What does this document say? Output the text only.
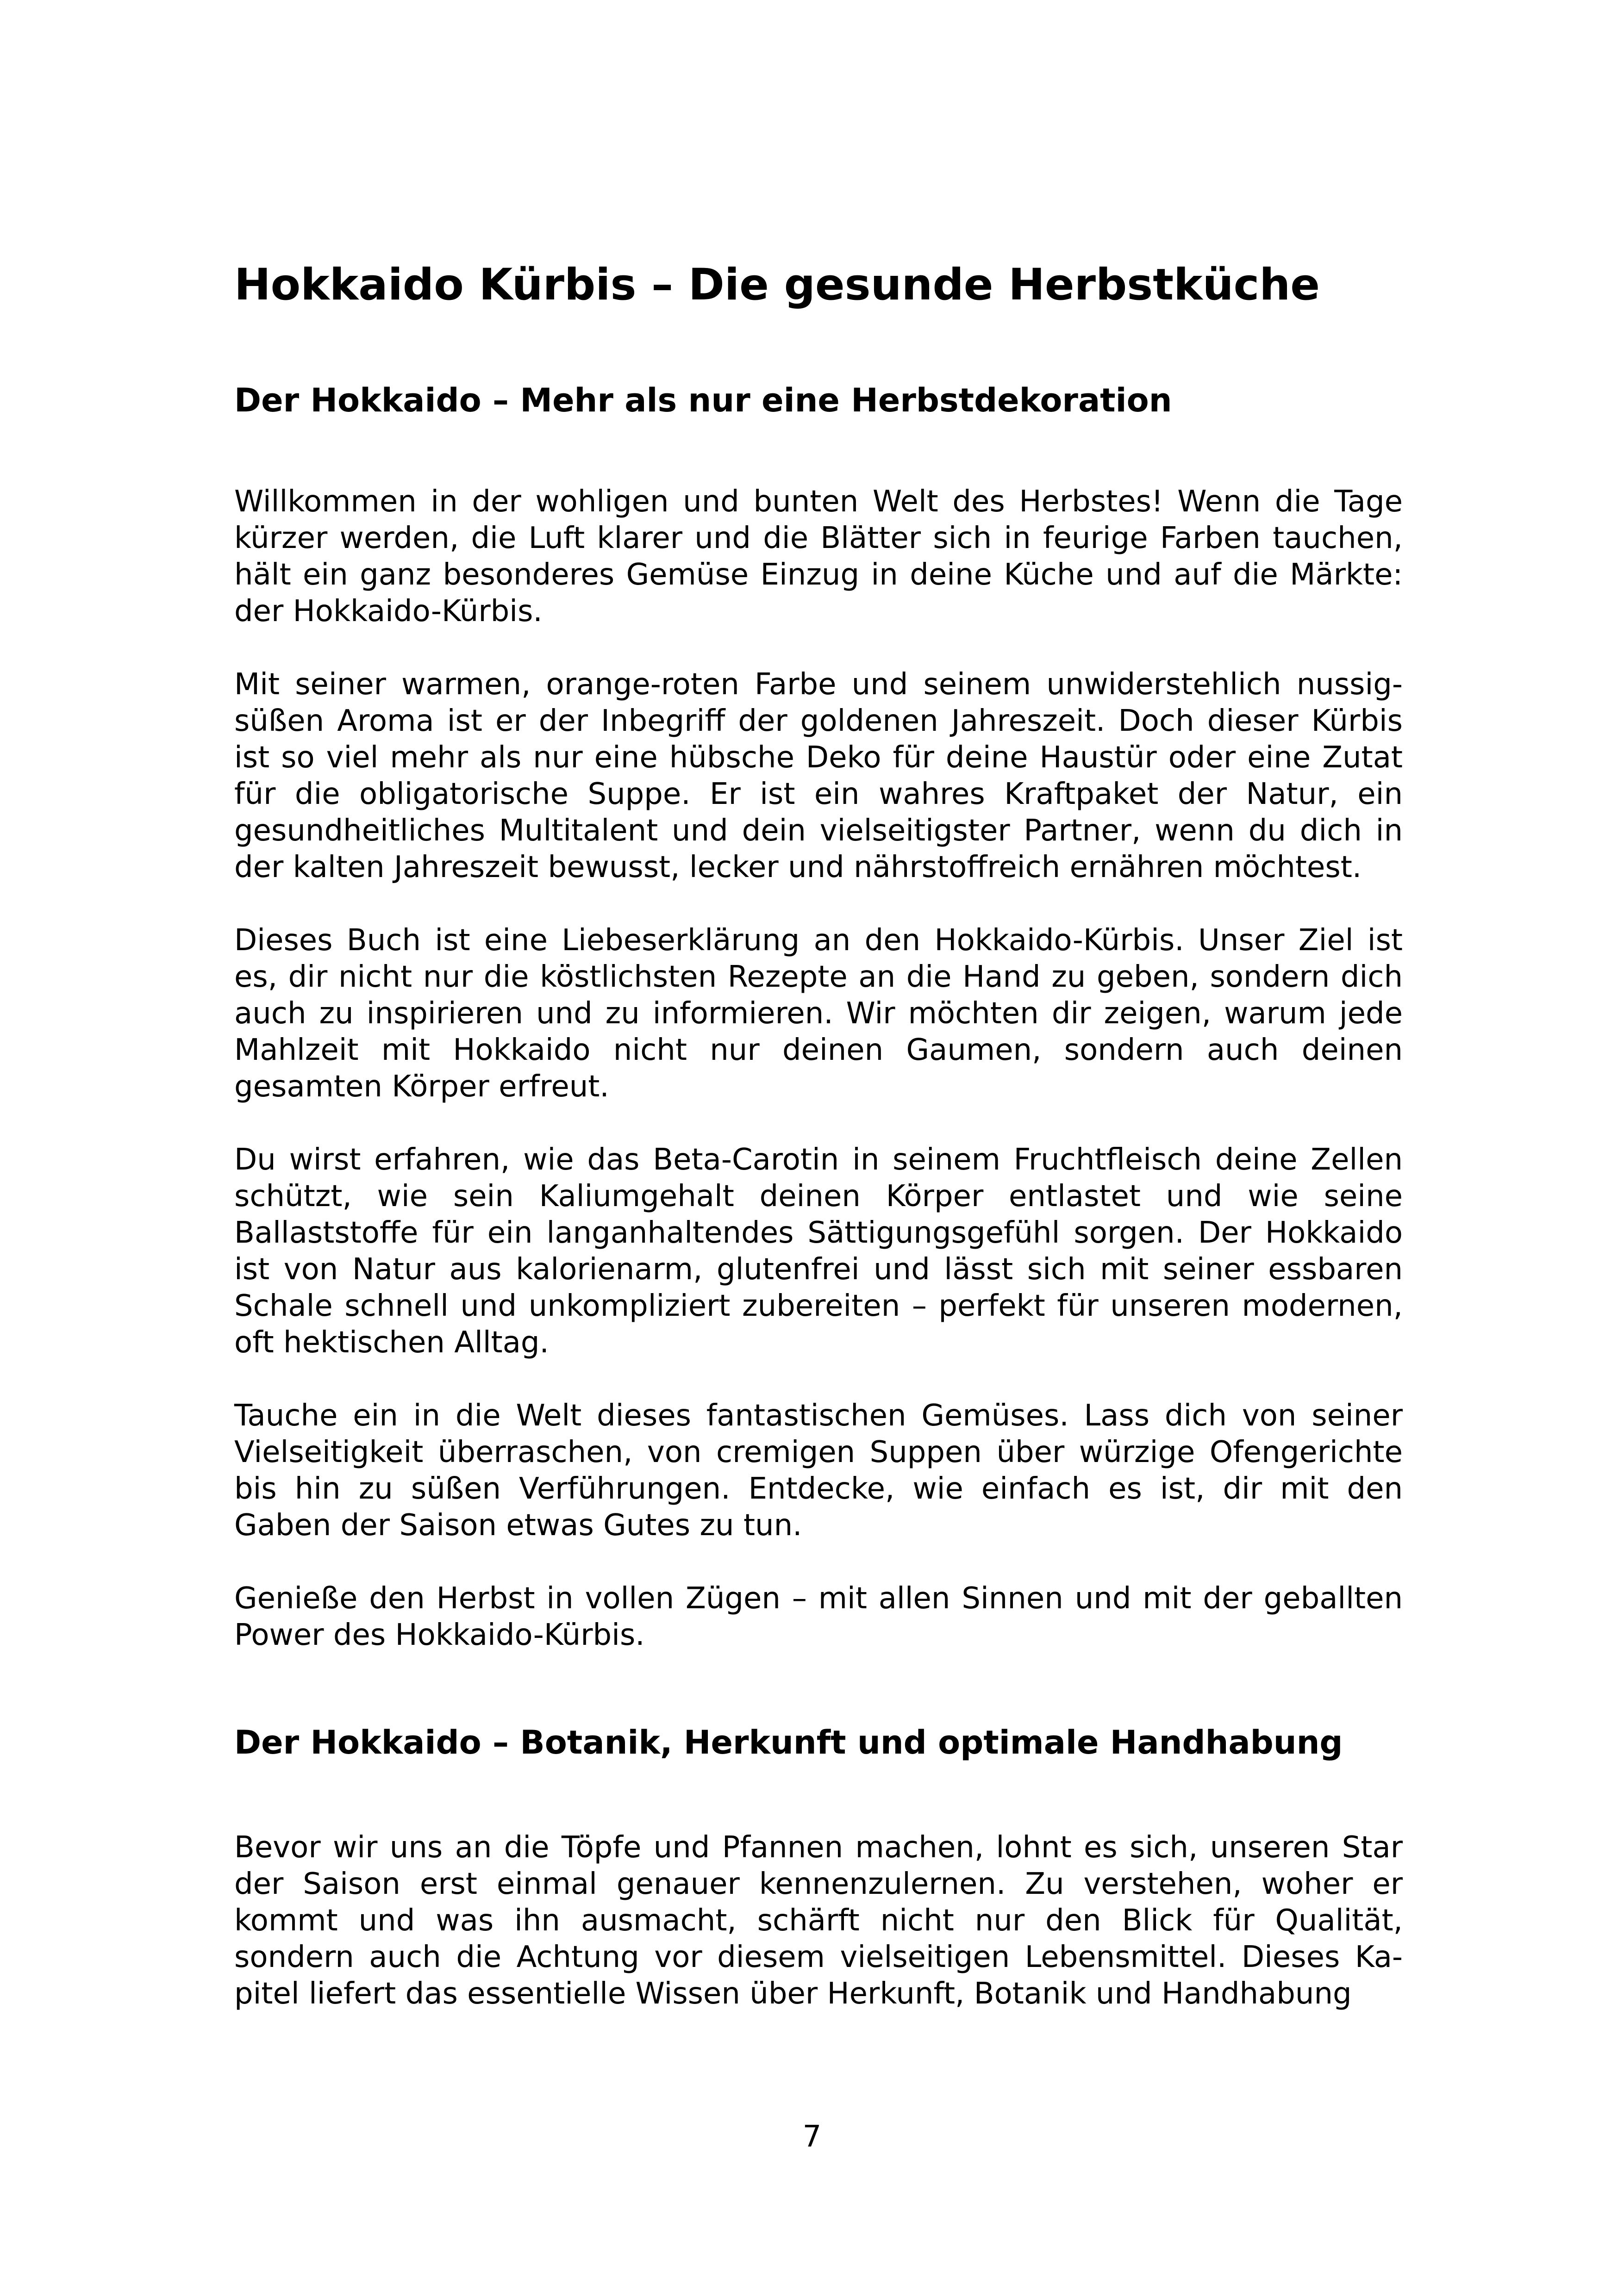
Hokkaido Kürbis – Die gesunde Herbstküche
Der Hokkaido – Mehr als nur eine Herbstdekoration

Willkommen in der wohligen und bunten Welt des Herbstes! Wenn die Tage kürzer werden, die Luft klarer und die Blätter sich in feurige Farben tauchen, hält ein ganz besonderes Gemüse Einzug in deine Küche und auf die Märkte: der Hokkaido-Kürbis.

Mit seiner warmen, orange-roten Farbe und seinem unwiderstehlich nussig-süßen Aroma ist er der Inbegriff der goldenen Jahreszeit. Doch dieser Kürbis ist so viel mehr als nur eine hübsche Deko für deine Haustür oder eine Zutat für die obligatorische Suppe. Er ist ein wahres Kraftpaket der Natur, ein gesundheitliches Multitalent und dein vielseitigster Partner, wenn du dich in der kalten Jahreszeit bewusst, lecker und nährstoffreich ernähren möchtest.

Dieses Buch ist eine Liebeserklärung an den Hokkaido-Kürbis. Unser Ziel ist es, dir nicht nur die köstlichsten Rezepte an die Hand zu geben, sondern dich auch zu inspirieren und zu informieren. Wir möchten dir zeigen, warum jede Mahlzeit mit Hokkaido nicht nur deinen Gaumen, sondern auch deinen gesamten Körper erfreut.

Du wirst erfahren, wie das Beta-Carotin in seinem Fruchtfleisch deine Zellen schützt, wie sein Kaliumgehalt deinen Körper entlastet und wie seine Ballaststoffe für ein langanhaltendes Sättigungsgefühl sorgen. Der Hokkaido ist von Natur aus kalorienarm, glutenfrei und lässt sich mit seiner essbaren Schale schnell und unkompliziert zubereiten – perfekt für unseren modernen, oft hektischen Alltag.

Tauche ein in die Welt dieses fantastischen Gemüses. Lass dich von seiner Vielseitigkeit überraschen, von cremigen Suppen über würzige Ofengerichte bis hin zu süßen Verführungen. Entdecke, wie einfach es ist, dir mit den Gaben der Saison etwas Gutes zu tun.

Genieße den Herbst in vollen Zügen – mit allen Sinnen und mit der geballten Power des Hokkaido-Kürbis.

Der Hokkaido – Botanik, Herkunft und optimale Handhabung

Bevor wir uns an die Töpfe und Pfannen machen, lohnt es sich, unseren Star der Saison erst einmal genauer kennenzulernen. Zu verstehen, woher er kommt und was ihn ausmacht, schärft nicht nur den Blick für Qualität, sondern auch die Achtung vor diesem vielseitigen Lebensmittel. Dieses Kapitel liefert das essentielle Wissen über Herkunft, Botanik und Handhabung

7
